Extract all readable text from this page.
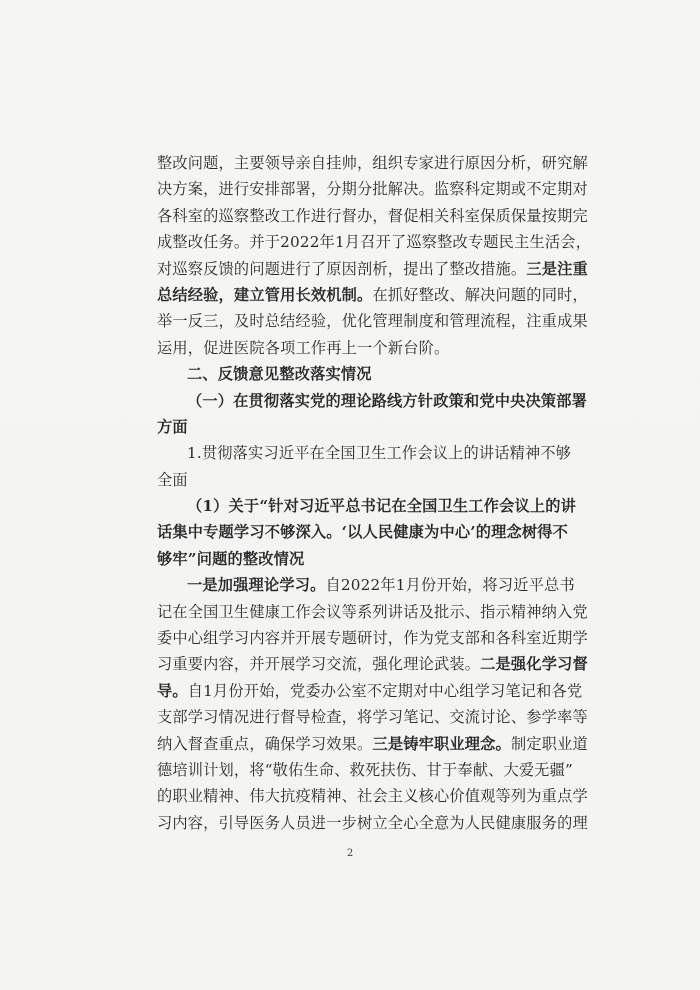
整改问题，主要领导亲自挂帅，组织专家进行原因分析，研究解
决方案，进行安排部署，分期分批解决。监察科定期或不定期对
各科室的巡察整改工作进行督办，督促相关科室保质保量按期完
成整改任务。并于2022年1月召开了巡察整改专题民主生活会，
对巡察反馈的问题进行了原因剖析，提出了整改措施。三是注重
总结经验，建立管用长效机制。在抓好整改、解决问题的同时，
举一反三，及时总结经验，优化管理制度和管理流程，注重成果
运用，促进医院各项工作再上一个新台阶。
二、反馈意见整改落实情况
（一）在贯彻落实党的理论路线方针政策和党中央决策部署
方面
1.贯彻落实习近平在全国卫生工作会议上的讲话精神不够
全面
（1）关于“针对习近平总书记在全国卫生工作会议上的讲
话集中专题学习不够深入。‘以人民健康为中心’的理念树得不
够牢”问题的整改情况
一是加强理论学习。自2022年1月份开始，将习近平总书
记在全国卫生健康工作会议等系列讲话及批示、指示精神纳入党
委中心组学习内容并开展专题研讨，作为党支部和各科室近期学
习重要内容，并开展学习交流，强化理论武装。二是强化学习督
导。自1月份开始，党委办公室不定期对中心组学习笔记和各党
支部学习情况进行督导检查，将学习笔记、交流讨论、参学率等
纳入督查重点，确保学习效果。三是铸牢职业理念。制定职业道
德培训计划，将“敬佑生命、救死扶伤、甘于奉献、大爱无疆”
的职业精神、伟大抗疫精神、社会主义核心价值观等列为重点学
习内容，引导医务人员进一步树立全心全意为人民健康服务的理
2
